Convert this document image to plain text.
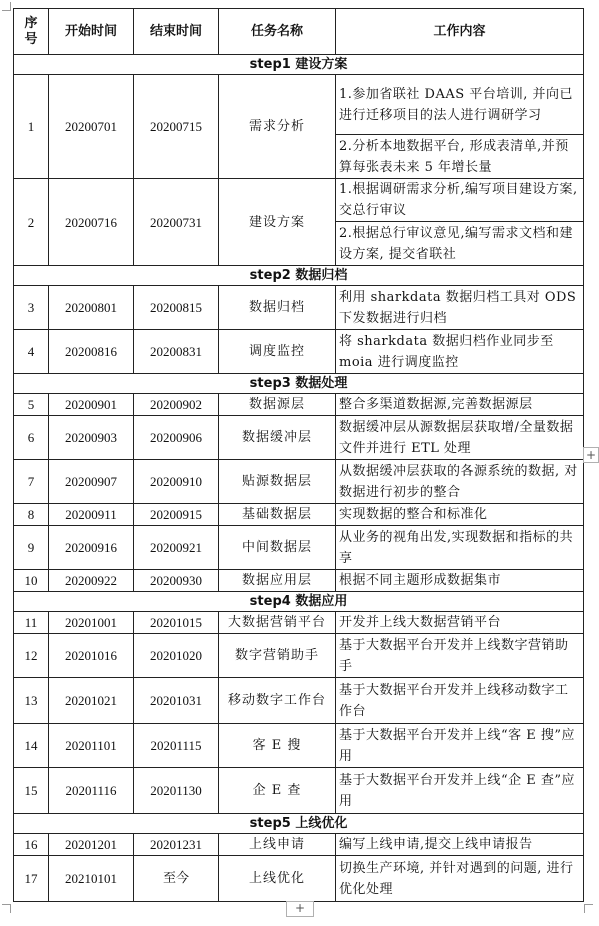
序号	开始时间	结束时间	任务名称	工作内容
step1 建设方案				
1	20200701	20200715	需求分析	1.参加省联社 DAAS 平台培训, 并向已进行迁移项目的法人进行调研学习
				2.分析本地数据平台, 形成表清单,并预算每张表未来 5 年增长量
2	20200716	20200731	建设方案	1.根据调研需求分析,编写项目建设方案, 交总行审议
				2.根据总行审议意见,编写需求文档和建设方案, 提交省联社
step2 数据归档				
3	20200801	20200815	数据归档	利用 sharkdata 数据归档工具对 ODS 下发数据进行归档
4	20200816	20200831	调度监控	将 sharkdata 数据归档作业同步至 moia 进行调度监控
step3 数据处理				
5	20200901	20200902	数据源层	整合多渠道数据源,完善数据源层
6	20200903	20200906	数据缓冲层	数据缓冲层从源数据层获取增/全量数据文件并进行 ETL 处理
7	20200907	20200910	贴源数据层	从数据缓冲层获取的各源系统的数据, 对数据进行初步的整合
8	20200911	20200915	基础数据层	实现数据的整合和标准化
9	20200916	20200921	中间数据层	从业务的视角出发,实现数据和指标的共享
10	20200922	20200930	数据应用层	根据不同主题形成数据集市
step4 数据应用				
11	20201001	20201015	大数据营销平台	开发并上线大数据营销平台
12	20201016	20201020	数字营销助手	基于大数据平台开发并上线数字营销助手
13	20201021	20201031	移动数字工作台	基于大数据平台开发并上线移动数字工作台
14	20201101	20201115	客 E 搜	基于大数据平台开发并上线“客 E 搜”应用
15	20201116	20201130	企 E 查	基于大数据平台开发并上线“企 E 查”应用
step5 上线优化				
16	20201201	20201231	上线申请	编写上线申请,提交上线申请报告
17	20210101	至今	上线优化	切换生产环境, 并针对遇到的问题, 进行优化处理
+
+
